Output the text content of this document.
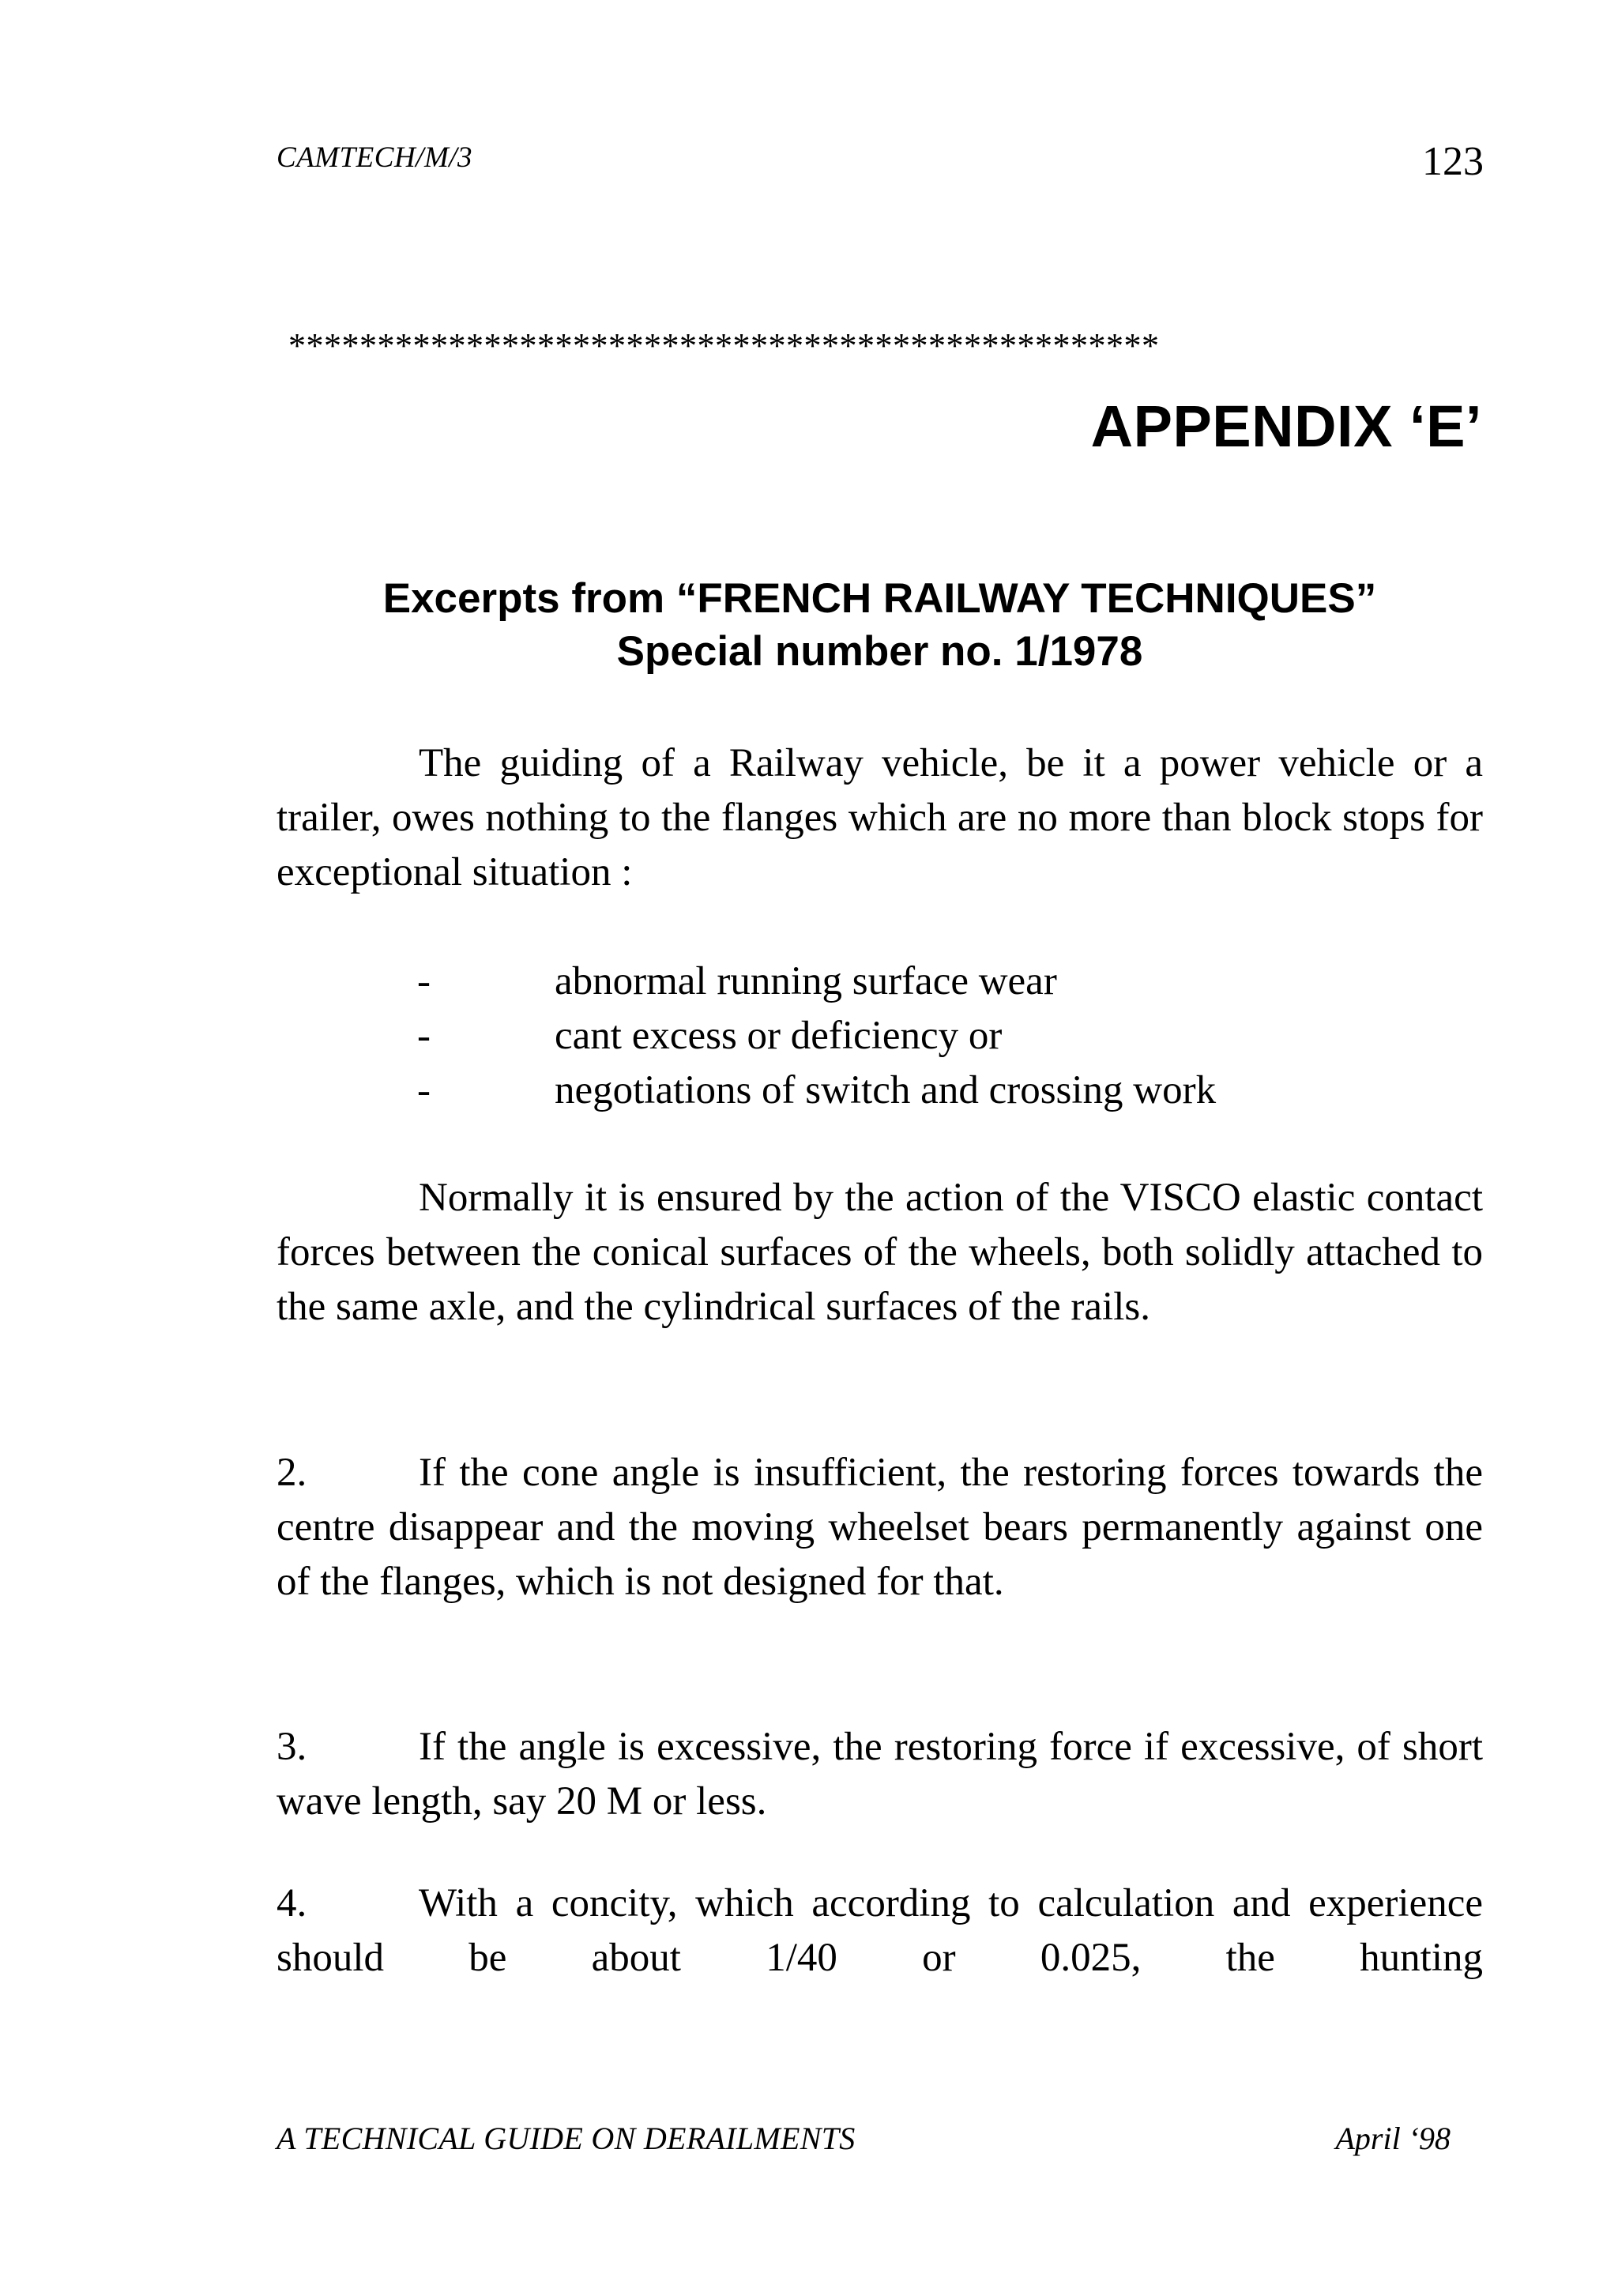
CAMTECH/M/3	123
*************************************************
APPENDIX ‘E’
Excerpts from “FRENCH RAILWAY TECHNIQUES”
Special number no. 1/1978

The guiding of a Railway vehicle, be it a power vehicle or a trailer, owes nothing to the flanges which are no more than block stops for exceptional situation :

-	abnormal running surface wear
-	cant excess or deficiency or
-	negotiations of switch and crossing work

Normally it is ensured by the action of the VISCO elastic contact forces between the conical surfaces of the wheels, both solidly attached to the same axle, and the cylindrical surfaces of the rails.

2.	If the cone angle is insufficient, the restoring forces towards the centre disappear and the moving wheelset bears permanently against one of the flanges, which is not designed for that.

3.	If the angle is excessive, the restoring force if excessive, of short wave length, say 20 M or less.

4.	With a concity, which according to calculation and experience should be about 1/40 or 0.025, the hunting

A TECHNICAL GUIDE ON DERAILMENTS	April ‘98
